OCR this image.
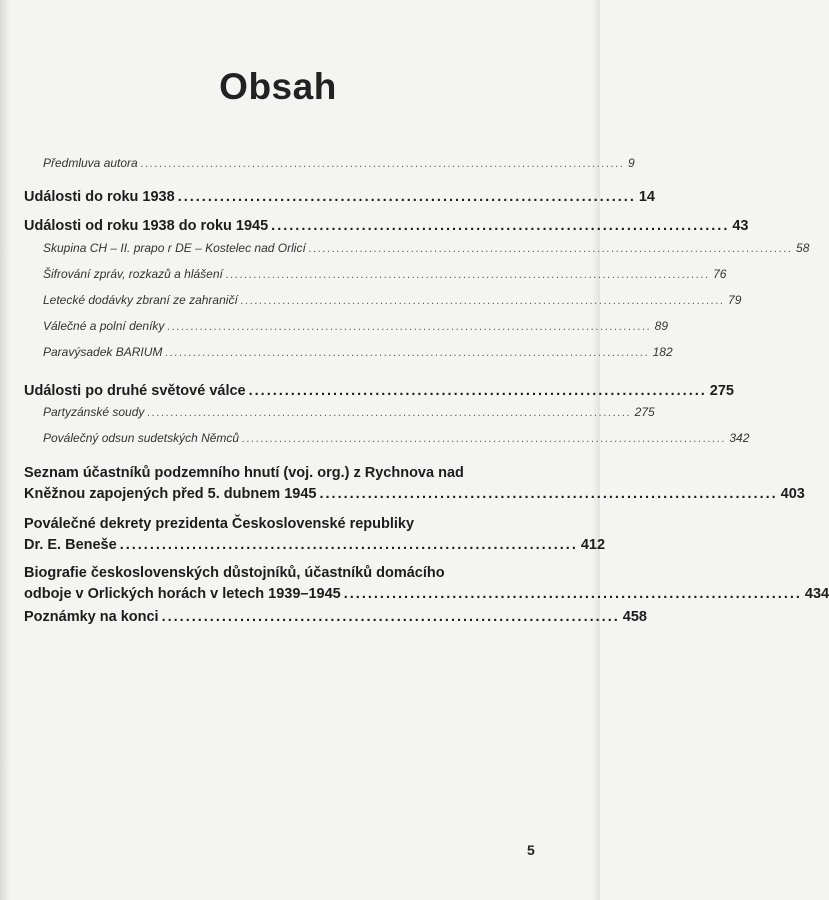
Obsah
Předmluva autora ........................................................................................................ 9
Události do roku 1938 ............................................................................ 14
Události od roku 1938 do roku 1945 ............................................................................ 43
Skupina CH – II. prapo r DE – Kostelec nad Orlicí ........................................................................................................ 58
Šifrování zpráv, rozkazů a hlášení ........................................................................................................ 76
Letecké dodávky zbraní ze zahraničí ........................................................................................................ 79
Válečné a polní deníky ........................................................................................................ 89
Paravýsadek BARIUM ........................................................................................................ 182
Události po druhé světové válce ............................................................................ 275
Partyzánské soudy ........................................................................................................ 275
Poválečný odsun sudetských Němců ........................................................................................................ 342
Seznam účastníků podzemního hnutí (voj. org.) z Rychnova nad
Kněžnou zapojených před 5. dubnem 1945 ............................................................................ 403
Poválečné dekrety prezidenta Československé republiky
Dr. E. Beneše ............................................................................ 412
Biografie československých důstojníků, účastníků domácího
odboje v Orlických horách v letech 1939–1945 ............................................................................ 434
Poznámky na konci ............................................................................ 458
5
